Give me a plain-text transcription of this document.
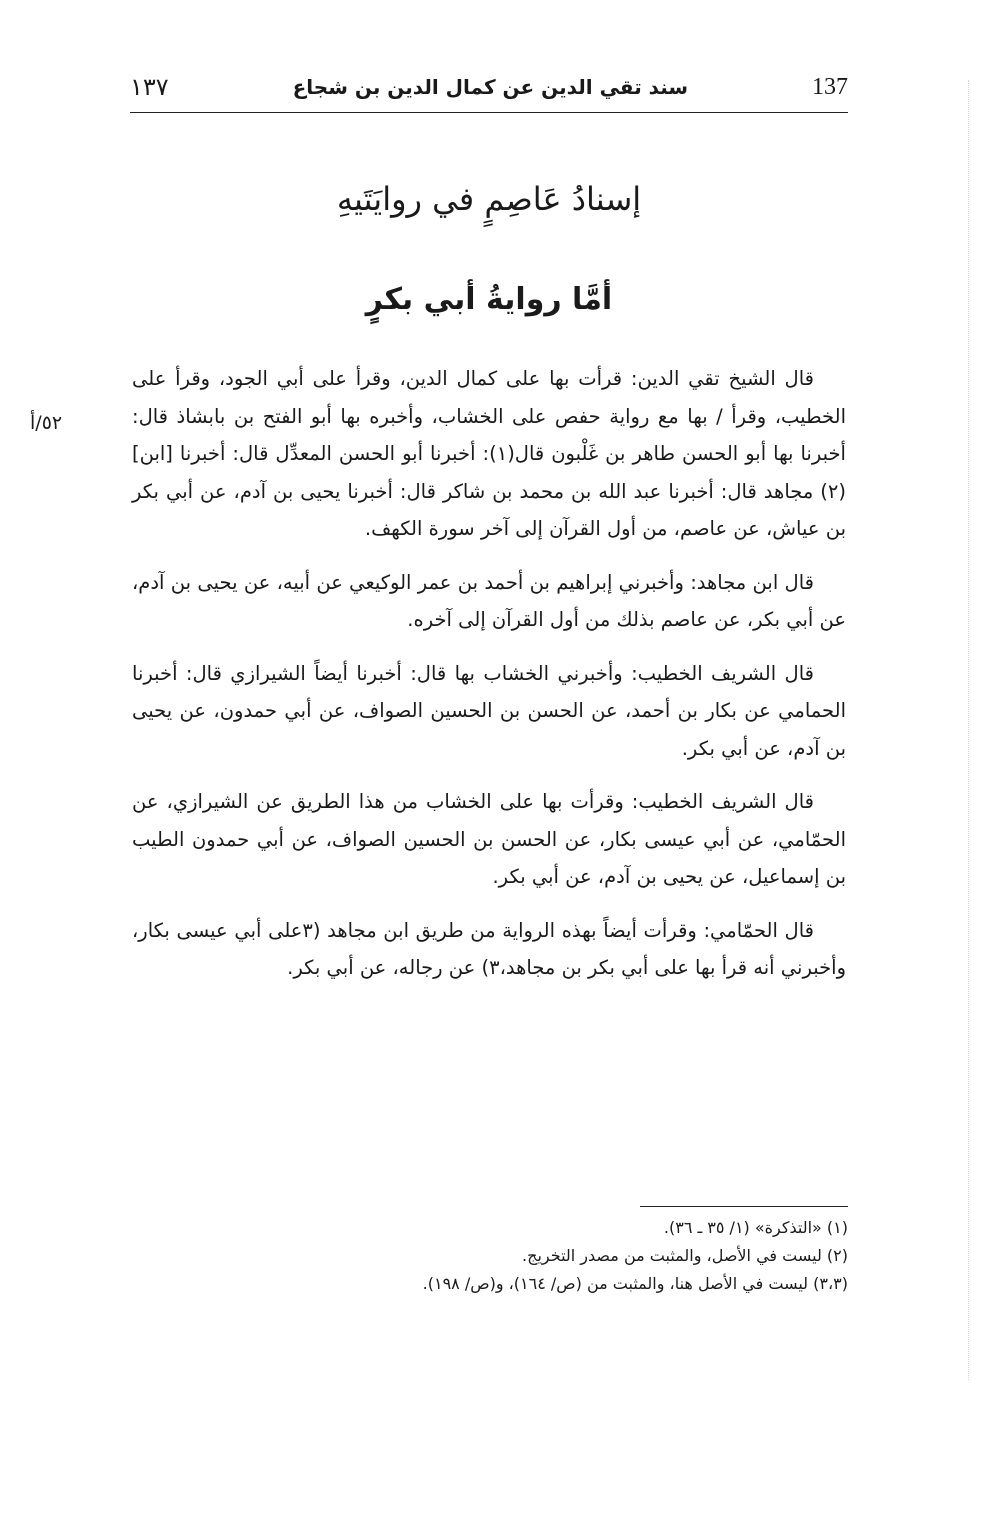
١٣٧	سند تقي الدين عن كمال الدين بن شجاع	137
إسنادُ عَاصِمٍ في روايَتَيهِ
أمَّا روايةُ أبي بكرٍ
٥٢/أ

قال الشيخ تقي الدين: قرأت بها على كمال الدين، وقرأ على أبي الجود، وقرأ على الخطيب، وقرأ / بها مع رواية حفص على الخشاب، وأخبره بها أبو الفتح بن بابشاذ قال: أخبرنا بها أبو الحسن طاهر بن غَلْبون قال(١): أخبرنا أبو الحسن المعدِّل قال: أخبرنا [ابن](٢) مجاهد قال: أخبرنا عبد الله بن محمد بن شاكر قال: أخبرنا يحيى بن آدم، عن أبي بكر بن عياش، عن عاصم، من أول القرآن إلى آخر سورة الكهف.

قال ابن مجاهد: وأخبرني إبراهيم بن أحمد بن عمر الوكيعي عن أبيه، عن يحيى بن آدم، عن أبي بكر، عن عاصم بذلك من أول القرآن إلى آخره.

قال الشريف الخطيب: وأخبرني الخشاب بها قال: أخبرنا أيضاً الشيرازي قال: أخبرنا الحمامي عن بكار بن أحمد، عن الحسن بن الحسين الصواف، عن أبي حمدون، عن يحيى بن آدم، عن أبي بكر.

قال الشريف الخطيب: وقرأت بها على الخشاب من هذا الطريق عن الشيرازي، عن الحمّامي، عن أبي عيسى بكار، عن الحسن بن الحسين الصواف، عن أبي حمدون الطيب بن إسماعيل، عن يحيى بن آدم، عن أبي بكر.

قال الحمّامي: وقرأت أيضاً بهذه الرواية من طريق ابن مجاهد (٣على أبي عيسى بكار، وأخبرني أنه قرأ بها على أبي بكر بن مجاهد،٣) عن رجاله، عن أبي بكر.

(١) «التذكرة» (١/ ٣٥ ـ ٣٦).
(٢) ليست في الأصل، والمثبت من مصدر التخريج.
(٣،٣) ليست في الأصل هنا، والمثبت من (ص/ ١٦٤)، و(ص/ ١٩٨).
